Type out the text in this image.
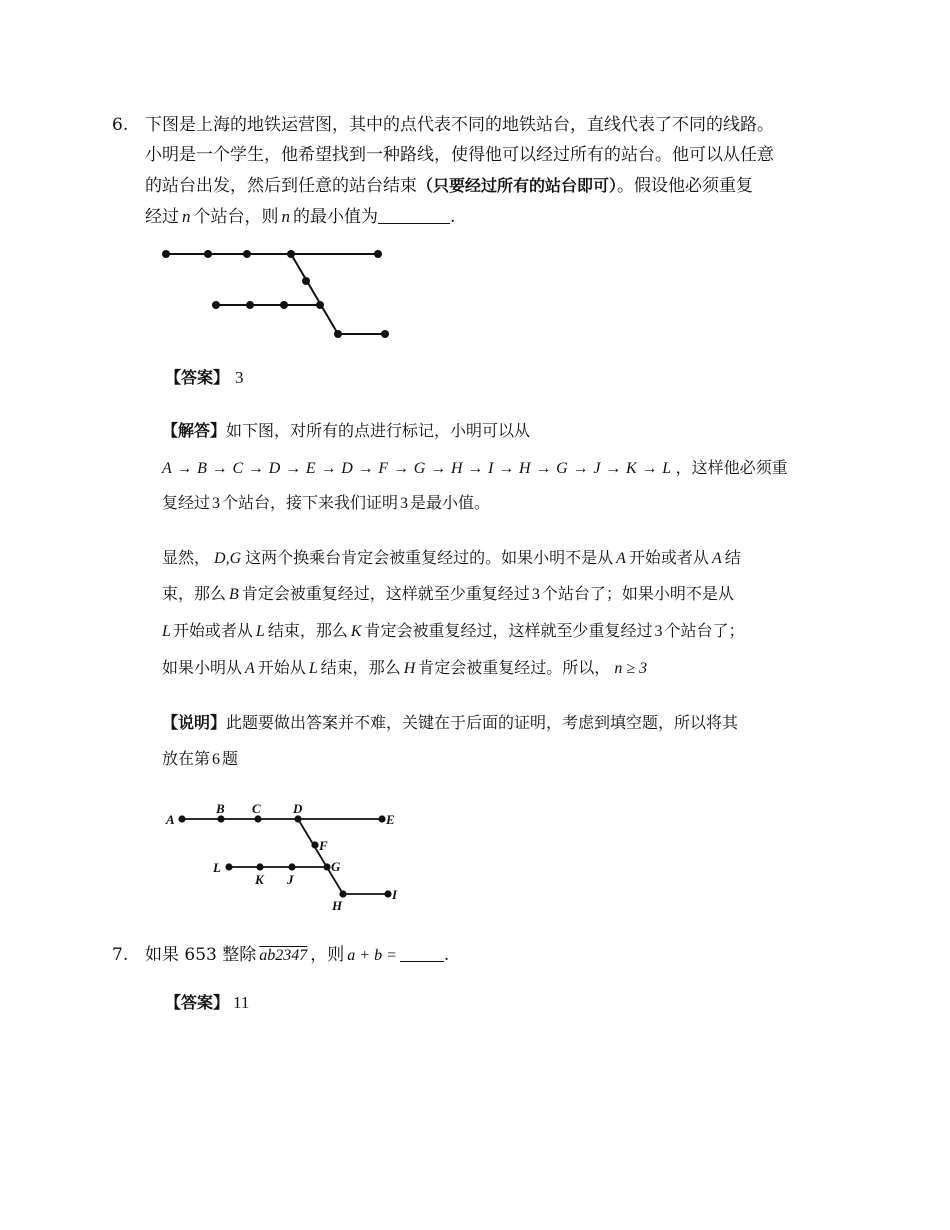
6. 下图是上海的地铁运营图，其中的点代表不同的地铁站台，直线代表了不同的线路。
小明是一个学生，他希望找到一种路线，使得他可以经过所有的站台。他可以从任意
的站台出发，然后到任意的站台结束（只要经过所有的站台即可）。假设他必须重复
经过 n 个站台，则 n 的最小值为	.
【答案】 3
【解答】如下图，对所有的点进行标记，小明可以从
A → B → C → D → E → D → F → G → H → I → H → G → J → K → L ，这样他必须重
复经过 3 个站台，接下来我们证明 3 是最小值。
显然， D,G 这两个换乘台肯定会被重复经过的。如果小明不是从 A 开始或者从 A 结
束，那么 B 肯定会被重复经过，这样就至少重复经过 3 个站台了；如果小明不是从
L 开始或者从 L 结束，那么 K 肯定会被重复经过，这样就至少重复经过 3 个站台了；
如果小明从 A 开始从 L 结束，那么 H 肯定会被重复经过。所以， n ≥ 3
【说明】此题要做出答案并不难，关键在于后面的证明，考虑到填空题，所以将其
放在第 6 题
A
B C D
E
F
L
K J
G
H
I
7. 如果 653 整除 ab2347 ，则 a + b =	.
【答案】 11
